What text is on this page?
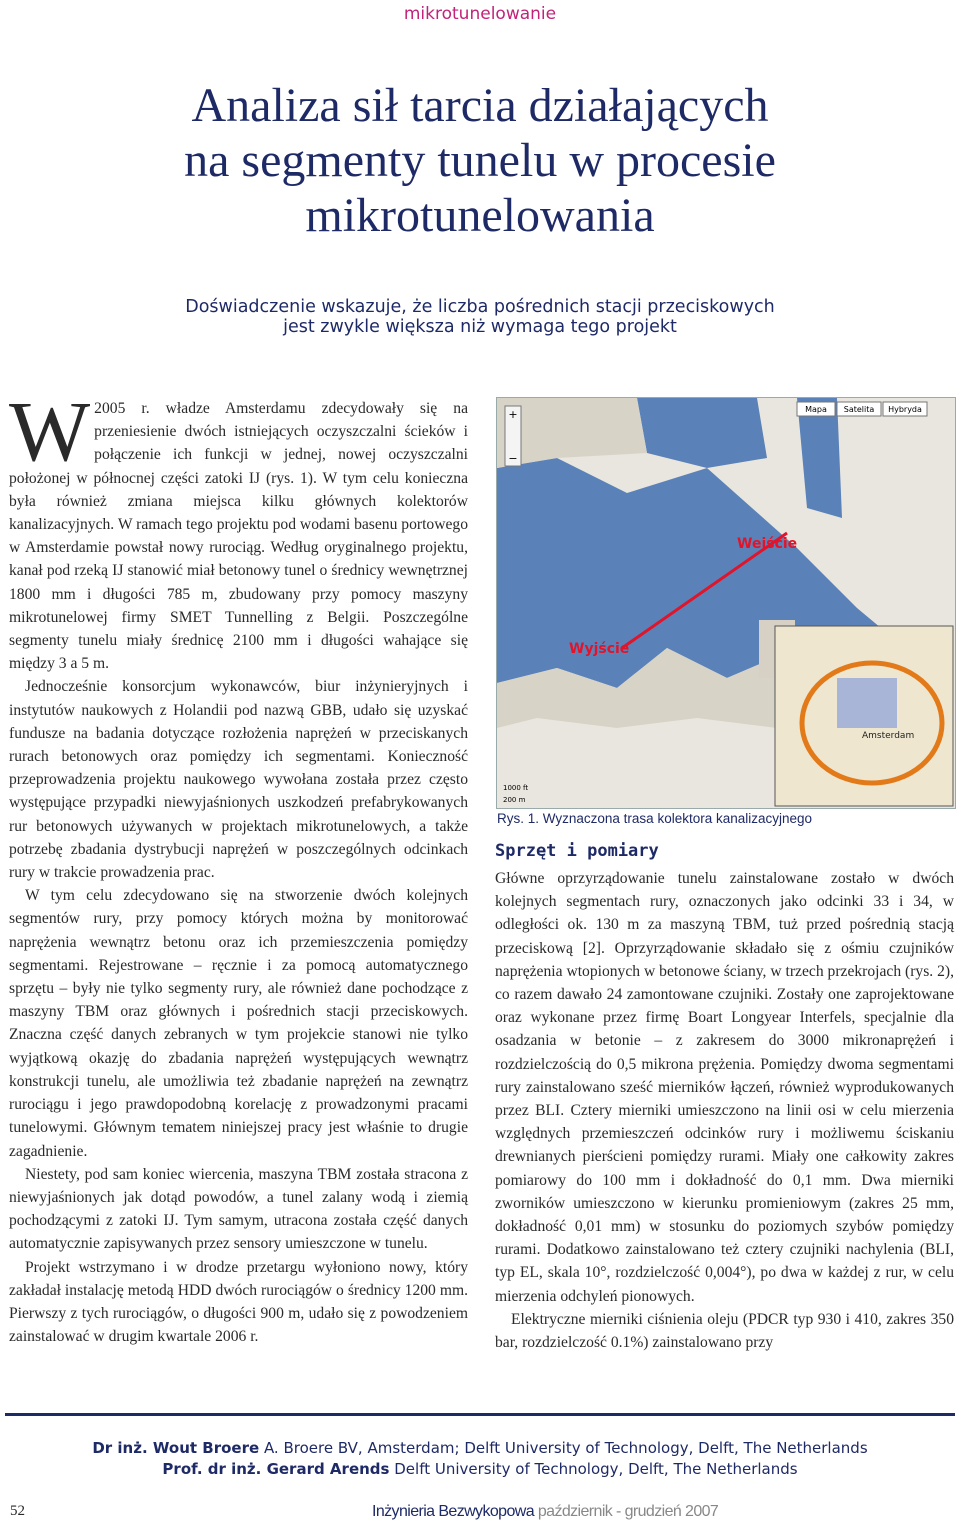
mikrotunelowanie
Analiza sił tarcia działających
na segmenty tunelu w procesie
mikrotunelowania
Doświadczenie wskazuje, że liczba pośrednich stacji przeciskowych
jest zwykle większa niż wymaga tego projekt

W 2005 r. władze Amsterdamu zdecydowały się na przeniesienie dwóch istniejących oczyszczalni ścieków i połączenie ich funkcji w jednej, nowej oczyszczalni położonej w północnej części zatoki IJ (rys. 1). W tym celu konieczna była również zmiana miejsca kilku głównych kolektorów kanalizacyjnych. W ramach tego projektu pod wodami basenu portowego w Amsterdamie powstał nowy rurociąg. Według oryginalnego projektu, kanał pod rzeką IJ stanowić miał betonowy tunel o średnicy wewnętrznej 1800 mm i długości 785 m, zbudowany przy pomocy maszyny mikrotunelowej firmy SMET Tunnelling z Belgii. Poszczególne segmenty tunelu miały średnicę 2100 mm i długości wahające się między 3 a 5 m.

Jednocześnie konsorcjum wykonawców, biur inżynieryjnych i instytutów naukowych z Holandii pod nazwą GBB, udało się uzyskać fundusze na badania dotyczące rozłożenia naprężeń w przeciskanych rurach betonowych oraz pomiędzy ich segmentami. Konieczność przeprowadzenia projektu naukowego wywołana została przez często występujące przypadki niewyjaśnionych uszkodzeń prefabrykowanych rur betonowych używanych w projektach mikrotunelowych, a także potrzebę zbadania dystrybucji naprężeń w poszczególnych odcinkach rury w trakcie prowadzenia prac.

W tym celu zdecydowano się na stworzenie dwóch kolejnych segmentów rury, przy pomocy których można by monitorować naprężenia wewnątrz betonu oraz ich przemieszczenia pomiędzy segmentami. Rejestrowane – ręcznie i za pomocą automatycznego sprzętu – były nie tylko segmenty rury, ale również dane pochodzące z maszyny TBM oraz głównych i pośrednich stacji przeciskowych. Znaczna część danych zebranych w tym projekcie stanowi nie tylko wyjątkową okazję do zbadania naprężeń występujących wewnątrz konstrukcji tunelu, ale umożliwia też zbadanie naprężeń na zewnątrz rurociągu i jego prawdopodobną korelację z prowadzonymi pracami tunelowymi. Głównym tematem niniejszej pracy jest właśnie to drugie zagadnienie.

Niestety, pod sam koniec wiercenia, maszyna TBM została stracona z niewyjaśnionych jak dotąd powodów, a tunel zalany wodą i ziemią pochodzącymi z zatoki IJ. Tym samym, utracona została część danych automatycznie zapisywanych przez sensory umieszczone w tunelu.

Projekt wstrzymano i w drodze przetargu wyłoniono nowy, który zakładał instalację metodą HDD dwóch rurociągów o średnicy 1200 mm. Pierwszy z tych rurociągów, o długości 900 m, udało się z powodzeniem zainstalować w drugim kwartale 2006 r.

Mapa Satelita Hybryda
+
−
Wejście
Wyjście
Amsterdam
1000 ft
200 m
Rys. 1. Wyznaczona trasa kolektora kanalizacyjnego
Sprzęt i pomiary

Główne oprzyrządowanie tunelu zainstalowane zostało w dwóch kolejnych segmentach rury, oznaczonych jako odcinki 33 i 34, w odległości ok. 130 m za maszyną TBM, tuż przed pośrednią stacją przeciskową [2]. Oprzyrządowanie składało się z ośmiu czujników naprężenia wtopionych w betonowe ściany, w trzech przekrojach (rys. 2), co razem dawało 24 zamontowane czujniki. Zostały one zaprojektowane oraz wykonane przez firmę Boart Longyear Interfels, specjalnie dla osadzania w betonie – z zakresem do 3000 mikronaprężeń i rozdzielczością do 0,5 mikrona prężenia. Pomiędzy dwoma segmentami rury zainstalowano sześć mierników łączeń, również wyprodukowanych przez BLI. Cztery mierniki umieszczono na linii osi w celu mierzenia względnych przemieszczeń odcinków rury i możliwemu ściskaniu drewnianych pierścieni pomiędzy rurami. Miały one całkowity zakres pomiarowy do 100 mm i dokładność do 0,1 mm. Dwa mierniki zworników umieszczono w kierunku promieniowym (zakres 25 mm, dokładność 0,01 mm) w stosunku do poziomych szybów pomiędzy rurami. Dodatkowo zainstalowano też cztery czujniki nachylenia (BLI, typ EL, skala 10°, rozdzielczość 0,004°), po dwa w każdej z rur, w celu mierzenia odchyleń pionowych.

Elektryczne mierniki ciśnienia oleju (PDCR typ 930 i 410, zakres 350 bar, rozdzielczość 0.1%) zainstalowano przy

Dr inż. Wout Broere A. Broere BV, Amsterdam; Delft University of Technology, Delft, The Netherlands
Prof. dr inż. Gerard Arends Delft University of Technology, Delft, The Netherlands
52	Inżynieria Bezwykopowa październik - grudzień 2007
